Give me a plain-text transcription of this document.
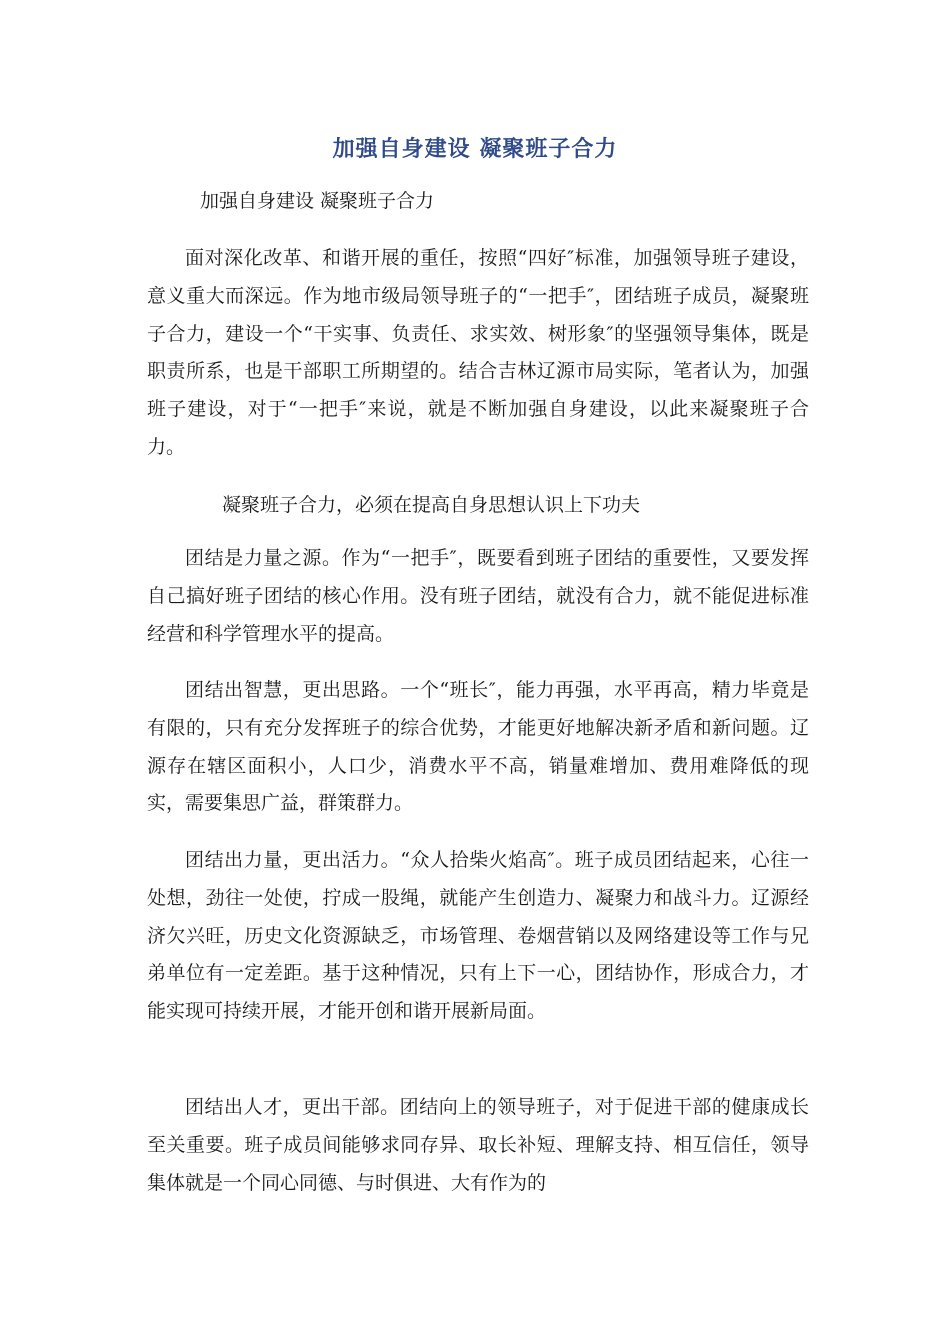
加强自身建设 凝聚班子合力
加强自身建设 凝聚班子合力

面对深化改革、和谐开展的重任，按照“四好″标准，加强领导班子建设，意义重大而深远。作为地市级局领导班子的“一把手″，团结班子成员，凝聚班子合力，建设一个“干实事、负责任、求实效、树形象″的坚强领导集体，既是职责所系，也是干部职工所期望的。结合吉林辽源市局实际，笔者认为，加强班子建设，对于“一把手″来说，就是不断加强自身建设，以此来凝聚班子合力。

凝聚班子合力，必须在提高自身思想认识上下功夫

团结是力量之源。作为“一把手″，既要看到班子团结的重要性，又要发挥自己搞好班子团结的核心作用。没有班子团结，就没有合力，就不能促进标准经营和科学管理水平的提高。

团结出智慧，更出思路。一个“班长″，能力再强，水平再高，精力毕竟是有限的，只有充分发挥班子的综合优势，才能更好地解决新矛盾和新问题。辽源存在辖区面积小，人口少，消费水平不高，销量难增加、费用难降低的现实，需要集思广益，群策群力。

团结出力量，更出活力。“众人拾柴火焰高″。班子成员团结起来，心往一处想，劲往一处使，拧成一股绳，就能产生创造力、凝聚力和战斗力。辽源经济欠兴旺，历史文化资源缺乏，市场管理、卷烟营销以及网络建设等工作与兄弟单位有一定差距。基于这种情况，只有上下一心，团结协作，形成合力，才能实现可持续开展，才能开创和谐开展新局面。

团结出人才，更出干部。团结向上的领导班子，对于促进干部的健康成长至关重要。班子成员间能够求同存异、取长补短、理解支持、相互信任，领导集体就是一个同心同德、与时俱进、大有作为的
